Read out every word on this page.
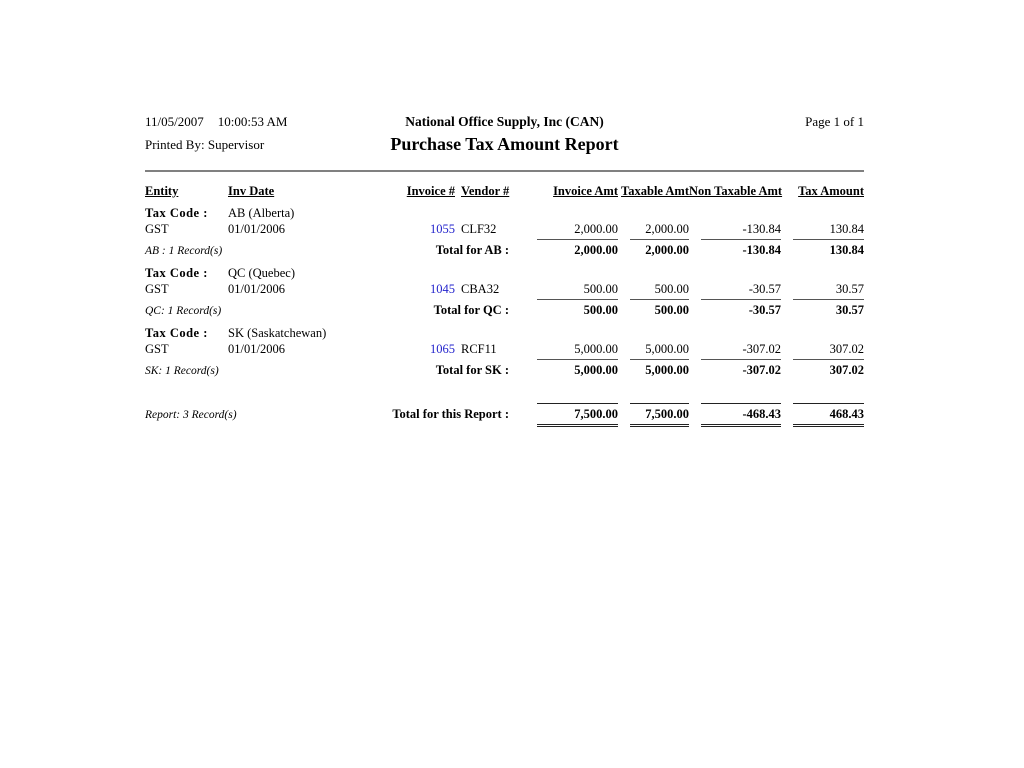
11/05/2007 10:00:53 AM	National Office Supply, Inc (CAN)	Page 1 of 1
Printed By: Supervisor	Purchase Tax Amount Report
Entity	Inv Date	Invoice # Vendor #	Invoice Amt Taxable Amt Non Taxable Amt	Tax Amount
Tax Code :	AB (Alberta)
GST	01/01/2006	1055 CLF32	2,000.00	2,000.00	-130.84	130.84
AB : 1 Record(s)	Total for AB :	2,000.00	2,000.00	-130.84	130.84
Tax Code :	QC (Quebec)
GST	01/01/2006	1045 CBA32	500.00	500.00	-30.57	30.57
QC: 1 Record(s)	Total for QC :	500.00	500.00	-30.57	30.57
Tax Code :	SK (Saskatchewan)
GST	01/01/2006	1065 RCF11	5,000.00	5,000.00	-307.02	307.02
SK: 1 Record(s)	Total for SK :	5,000.00	5,000.00	-307.02	307.02
Report: 3 Record(s)	Total for this Report :	7,500.00	7,500.00	-468.43	468.43
